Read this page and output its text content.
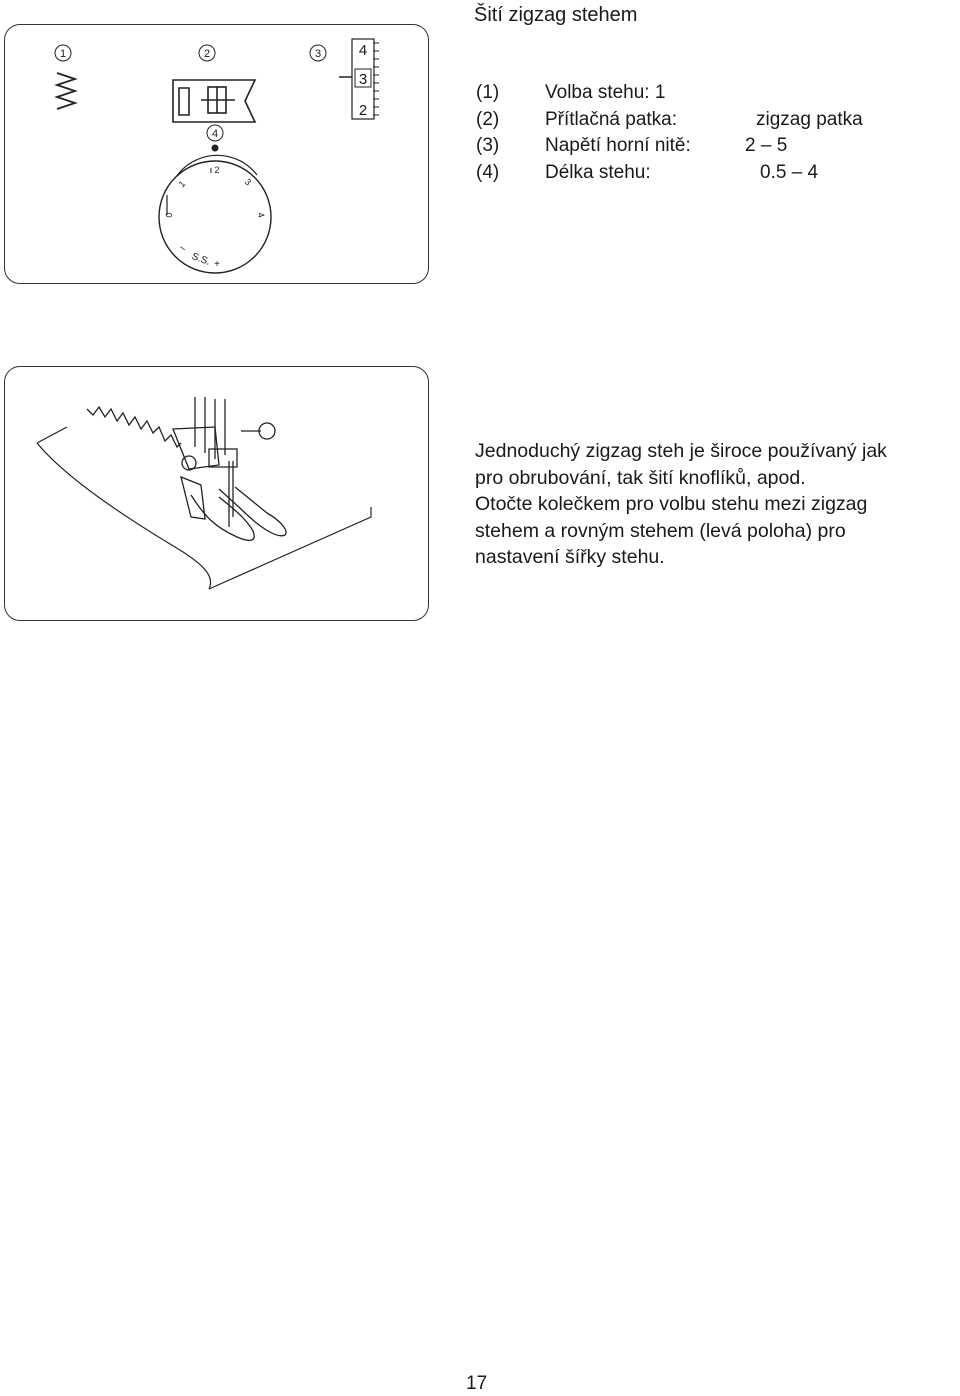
Šití zigzag stehem
1	2	3
4
4
3
2
0
1
2
3
4
–
S.S. +
(1) Volba stehu: 1
(2) Přítlačná patka:	zigzag patka
(3) Napětí horní nitě:	2 – 5
(4) Délka stehu:	0.5 – 4

Jednoduchý zigzag steh je široce používaný jak

pro obrubování, tak šití knoflíků, apod.

Otočte kolečkem pro volbu stehu mezi zigzag

stehem a rovným stehem (levá poloha) pro

nastavení šířky stehu.

17
